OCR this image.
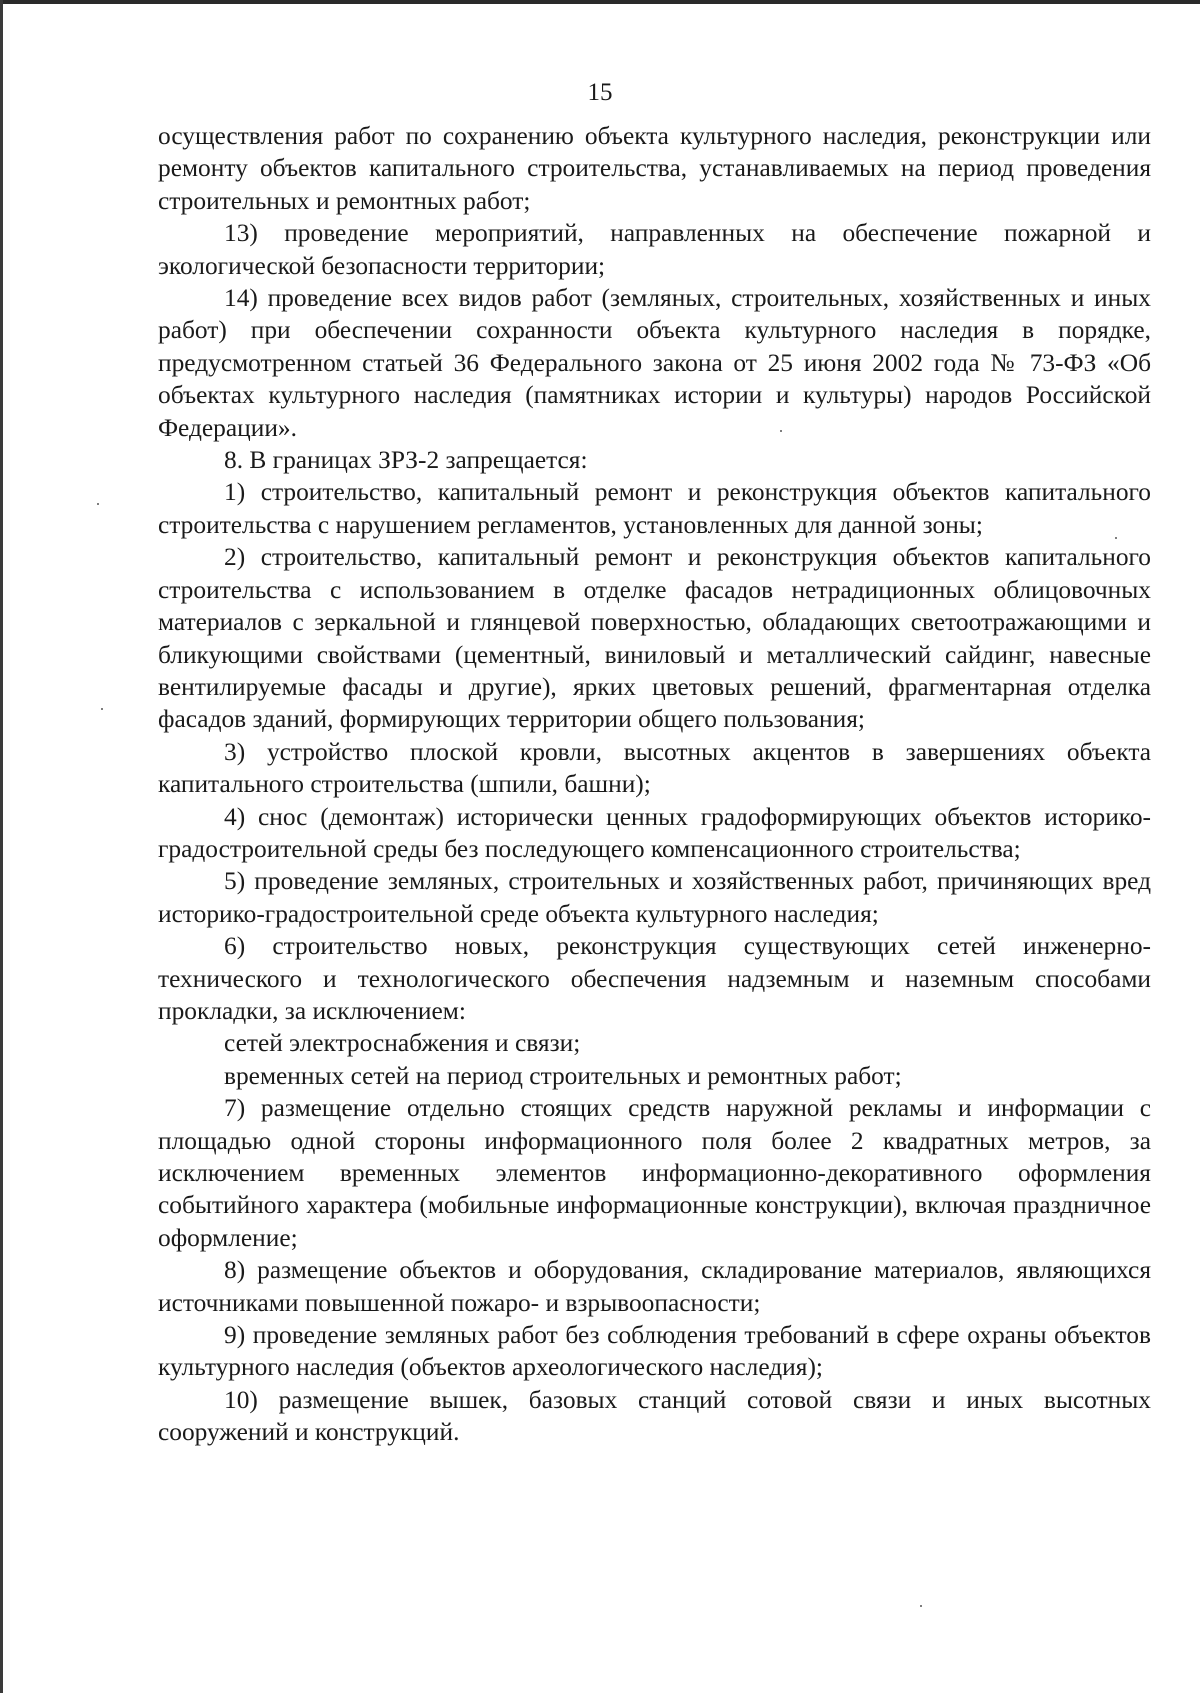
15

осуществления работ по сохранению объекта культурного наследия, реконструкции или ремонту объектов капитального строительства, устанавливаемых на период проведения строительных и ремонтных работ;

13) проведение мероприятий, направленных на обеспечение пожарной и экологической безопасности территории;

14) проведение всех видов работ (земляных, строительных, хозяйственных и иных работ) при обеспечении сохранности объекта культурного наследия в порядке, предусмотренном статьей 36 Федерального закона от 25 июня 2002 года № 73-ФЗ «Об объектах культурного наследия (памятниках истории и культуры) народов Российской Федерации».

8. В границах ЗРЗ-2 запрещается:

1) строительство, капитальный ремонт и реконструкция объектов капитального строительства с нарушением регламентов, установленных для данной зоны;

2) строительство, капитальный ремонт и реконструкция объектов капитального строительства с использованием в отделке фасадов нетрадиционных облицовочных материалов с зеркальной и глянцевой поверхностью, обладающих светоотражающими и бликующими свойствами (цементный, виниловый и металлический сайдинг, навесные вентилируемые фасады и другие), ярких цветовых решений, фрагментарная отделка фасадов зданий, формирующих территории общего пользования;

3) устройство плоской кровли, высотных акцентов в завершениях объекта капитального строительства (шпили, башни);

4) снос (демонтаж) исторически ценных градоформирующих объектов историко-градостроительной среды без последующего компенсационного строительства;

5) проведение земляных, строительных и хозяйственных работ, причиняющих вред историко-градостроительной среде объекта культурного наследия;

6) строительство новых, реконструкция существующих сетей инженерно-технического и технологического обеспечения надземным и наземным способами прокладки, за исключением:

сетей электроснабжения и связи;

временных сетей на период строительных и ремонтных работ;

7) размещение отдельно стоящих средств наружной рекламы и информации с площадью одной стороны информационного поля более 2 квадратных метров, за исключением временных элементов информационно-декоративного оформления событийного характера (мобильные информационные конструкции), включая праздничное оформление;

8) размещение объектов и оборудования, складирование материалов, являющихся источниками повышенной пожаро- и взрывоопасности;

9) проведение земляных работ без соблюдения требований в сфере охраны объектов культурного наследия (объектов археологического наследия);

10) размещение вышек, базовых станций сотовой связи и иных высотных сооружений и конструкций.
